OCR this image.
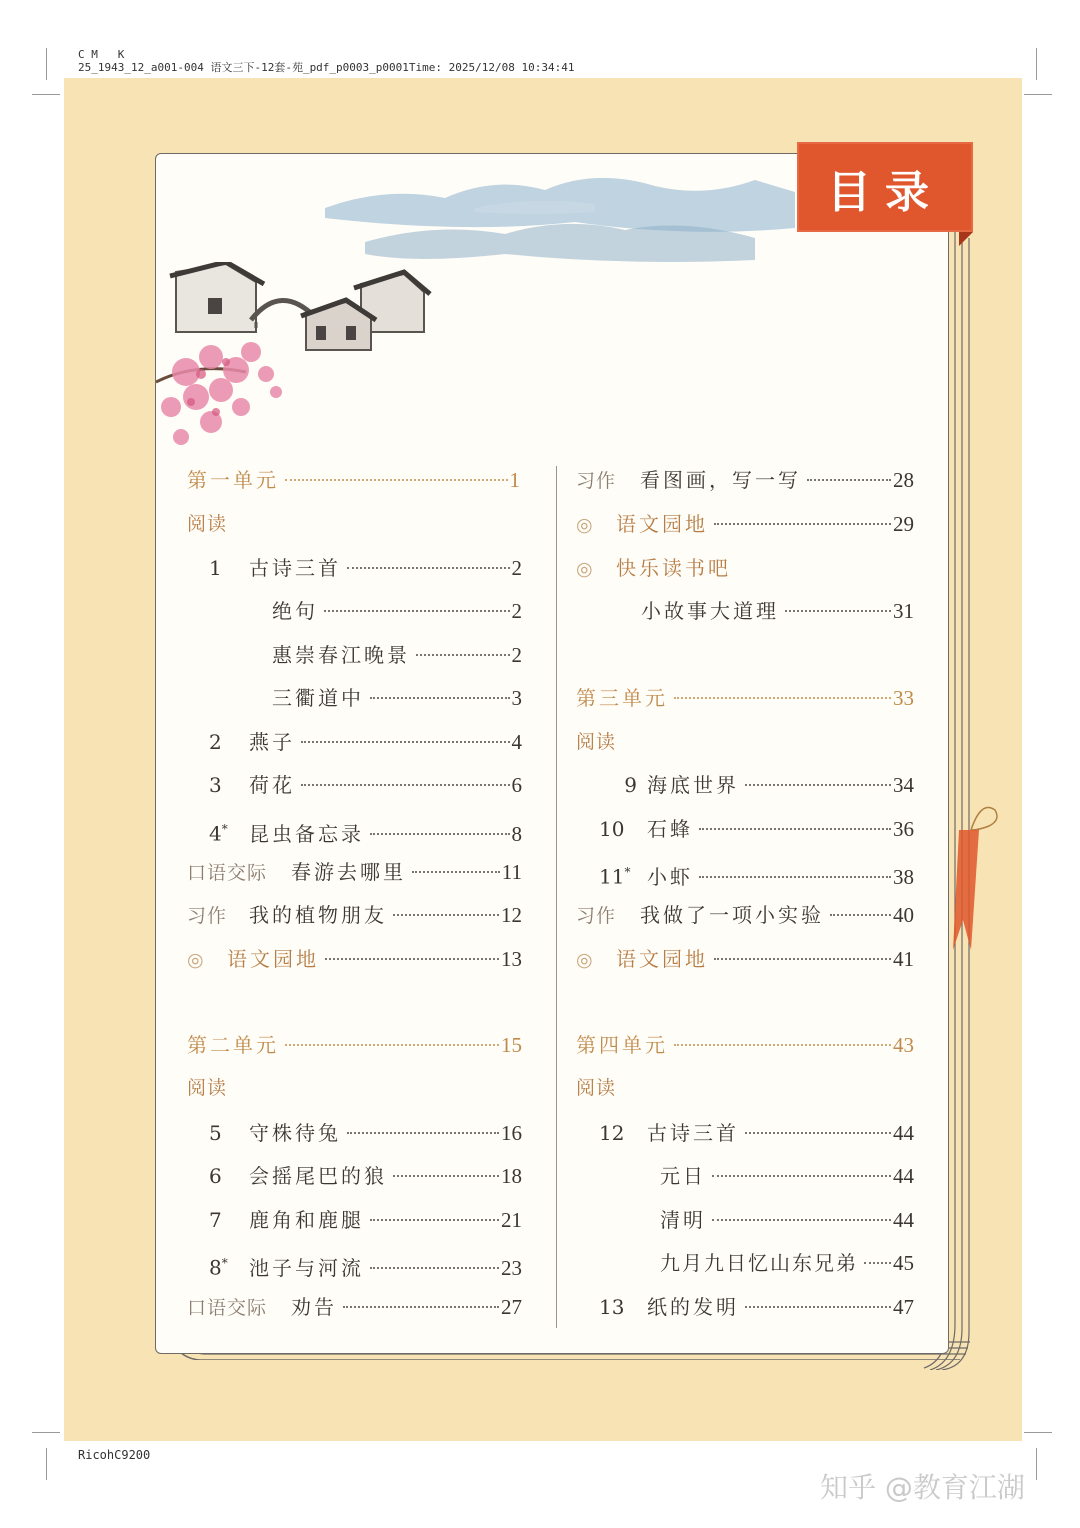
C M   K
25_1943_12_a001-004 语文三下-12套-苑_pdf_p0003_p0001Time: 2025/12/08 10:34:41
目录
第一单元	1
阅读
1	古诗三首	2
绝句	2
惠崇春江晚景	2
三衢道中	3
2	燕子	4
3	荷花	6
4*	昆虫备忘录	8
口语交际	春游去哪里	11
习作	我的植物朋友	12
◎	语文园地	13
第二单元	15
阅读
5	守株待兔	16
6	会摇尾巴的狼	18
7	鹿角和鹿腿	21
8*	池子与河流	23
口语交际	劝告	27
习作	看图画，写一写	28
◎	语文园地	29
◎	快乐读书吧
小故事大道理	31
第三单元	33
阅读
9 海底世界	34
10	石蜂	36
11* 小虾	38
习作	我做了一项小实验	40
◎	语文园地	41
第四单元	43
阅读
12	古诗三首	44
元日	44
清明	44
九月九日忆山东兄弟 45
13	纸的发明	47
RicohC9200
知乎 @教育江湖
